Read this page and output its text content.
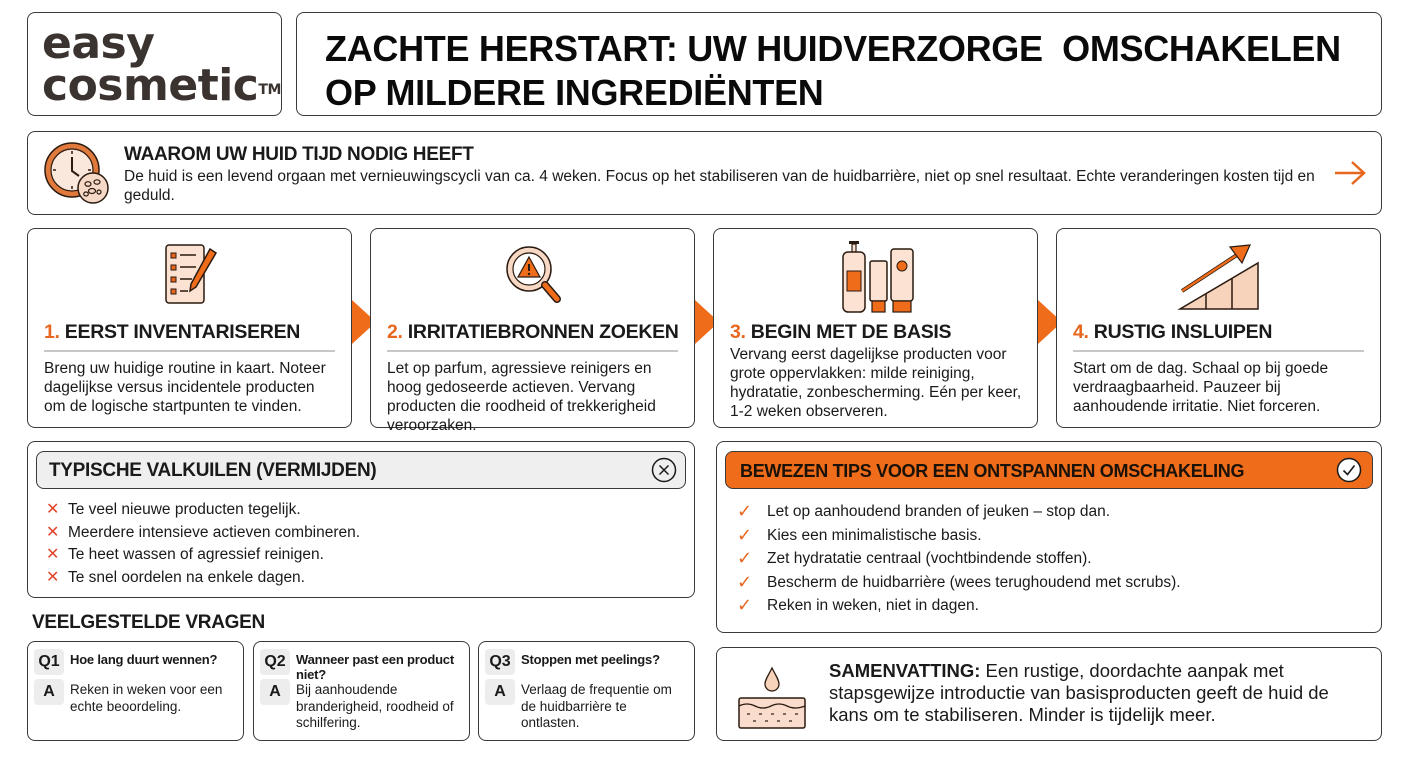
easy
cosmetic™
ZACHTE HERSTART: UW HUIDVERZORGE  OMSCHAKELEN
OP MILDERE INGREDIËNTEN
WAAROM UW HUID TIJD NODIG HEEFT
De huid is een levend orgaan met vernieuwingscycli van ca. 4 weken. Focus op het stabiliseren van de huidbarrière, niet op snel resultaat. Echte veranderingen kosten tijd en geduld.
1. EERST INVENTARISEREN
Breng uw huidige routine in kaart. Noteer dagelijkse versus incidentele producten om de logische startpunten te vinden.
2. IRRITATIEBRONNEN ZOEKEN
Let op parfum, agressieve reinigers en hoog gedoseerde actieven. Vervang producten die roodheid of trekkerigheid veroorzaken.
3. BEGIN MET DE BASIS
Vervang eerst dagelijkse producten voor grote oppervlakken: milde reiniging, hydratatie, zonbescherming. Eén per keer, 1-2 weken observeren.
4. RUSTIG INSLUIPEN
Start om de dag. Schaal op bij goede verdraagbaarheid. Pauzeer bij aanhoudende irritatie. Niet forceren.
TYPISCHE VALKUILEN (VERMIJDEN)
✕ Te veel nieuwe producten tegelijk.
✕ Meerdere intensieve actieven combineren.
✕ Te heet wassen of agressief reinigen.
✕ Te snel oordelen na enkele dagen.
BEWEZEN TIPS VOOR EEN ONTSPANNEN OMSCHAKELING
✓ Let op aanhoudend branden of jeuken – stop dan.
✓ Kies een minimalistische basis.
✓ Zet hydratatie centraal (vochtbindende stoffen).
✓ Bescherm de huidbarrière (wees terughoudend met scrubs).
✓ Reken in weken, niet in dagen.
VEELGESTELDE VRAGEN
Q1 Hoe lang duurt wennen?
A	Reken in weken voor een echte beoordeling.
Q2 Wanneer past een product niet?
A	Bij aanhoudende branderigheid, roodheid of schilfering.
Q3 Stoppen met peelings?
A	Verlaag de frequentie om de huidbarrière te ontlasten.
SAMENVATTING: Een rustige, doordachte aanpak met stapsgewijze introductie van basisproducten geeft de huid de kans om te stabiliseren. Minder is tijdelijk meer.
